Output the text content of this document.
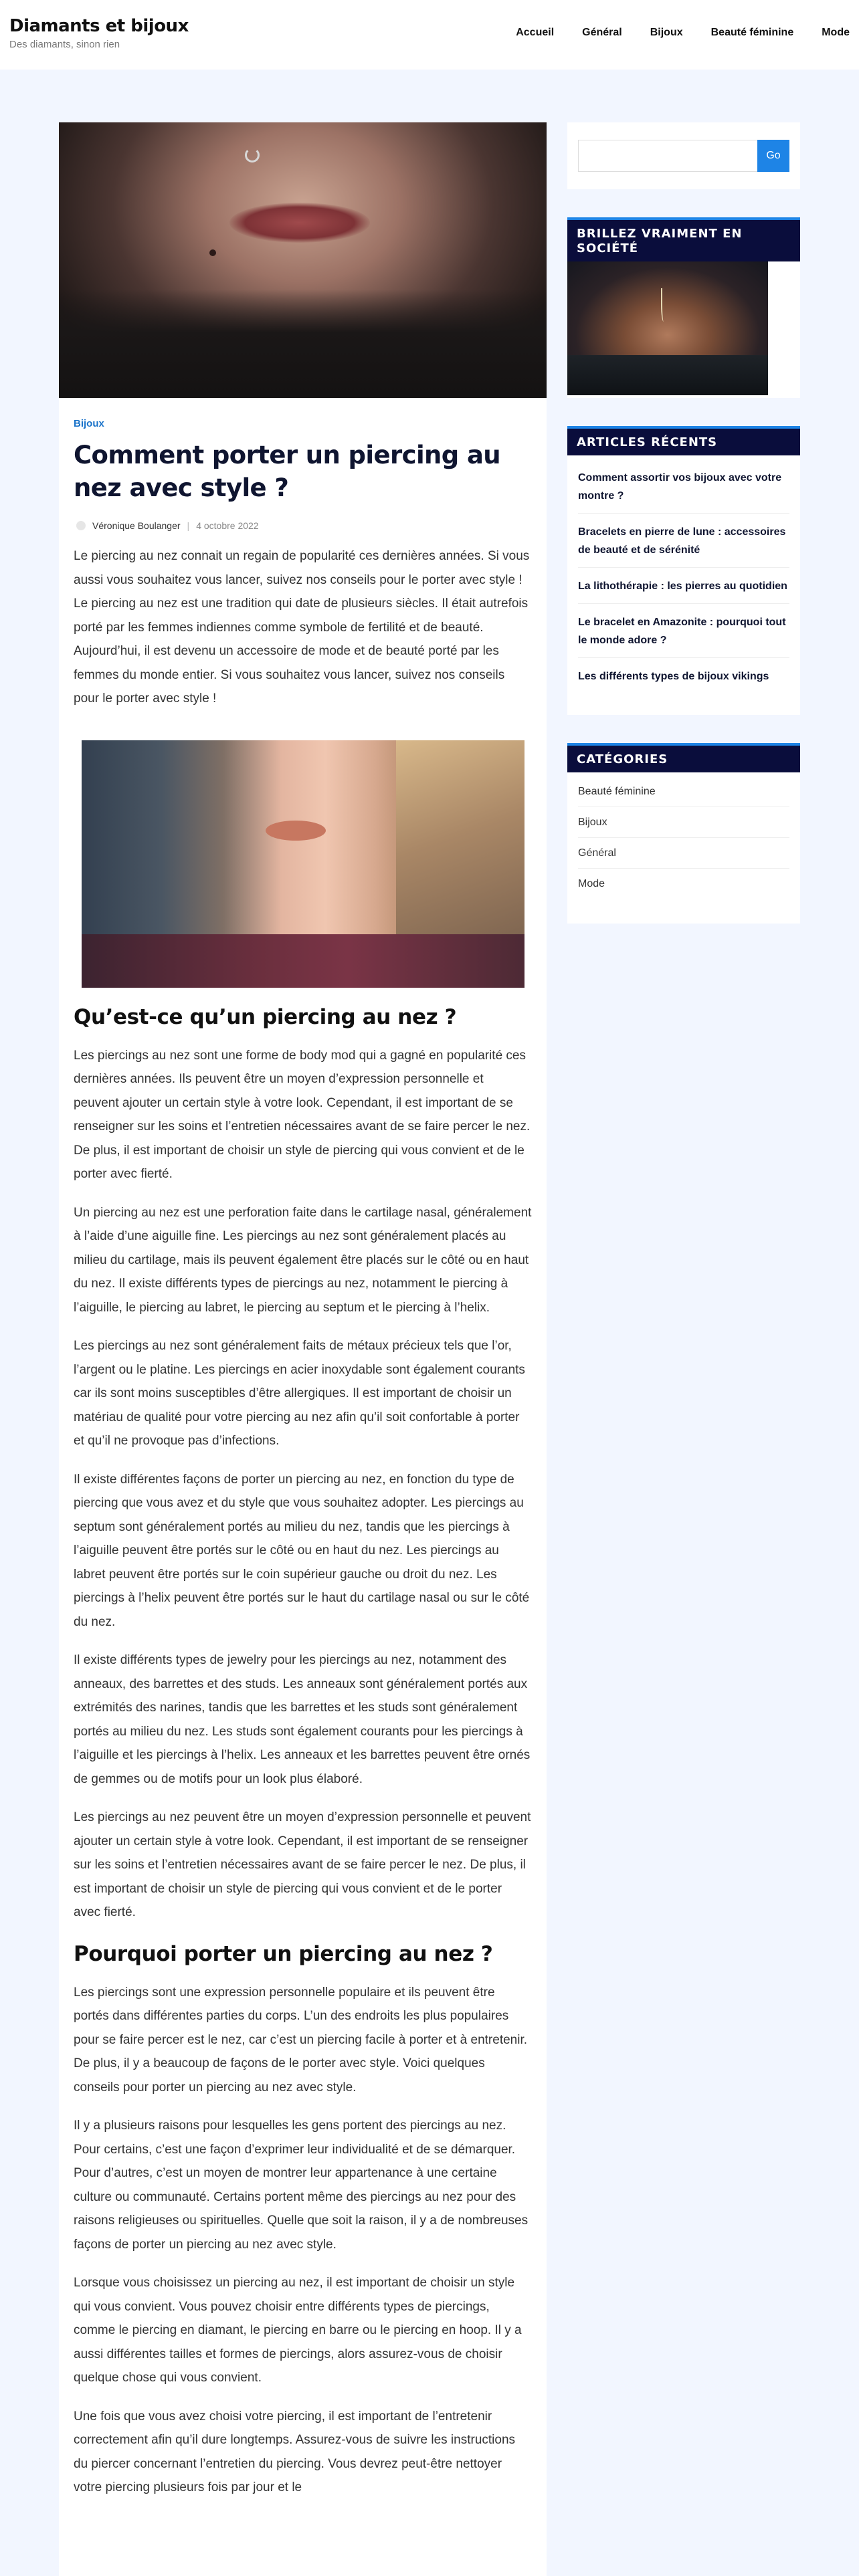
Diamants et bijoux
Des diamants, sinon rien
Accueil	Général	Bijoux	Beauté féminine	Mode
Bijoux
Comment porter un piercing au nez avec style ?
Véronique Boulanger | 4 octobre 2022

Le piercing au nez connait un regain de popularité ces dernières années. Si vous aussi vous souhaitez vous lancer, suivez nos conseils pour le porter avec style ! Le piercing au nez est une tradition qui date de plusieurs siècles. Il était autrefois porté par les femmes indiennes comme symbole de fertilité et de beauté. Aujourd’hui, il est devenu un accessoire de mode et de beauté porté par les femmes du monde entier. Si vous souhaitez vous lancer, suivez nos conseils pour le porter avec style !

Qu’est-ce qu’un piercing au nez ?

Les piercings au nez sont une forme de body mod qui a gagné en popularité ces dernières années. Ils peuvent être un moyen d’expression personnelle et peuvent ajouter un certain style à votre look. Cependant, il est important de se renseigner sur les soins et l’entretien nécessaires avant de se faire percer le nez. De plus, il est important de choisir un style de piercing qui vous convient et de le porter avec fierté.

Un piercing au nez est une perforation faite dans le cartilage nasal, généralement à l’aide d’une aiguille fine. Les piercings au nez sont généralement placés au milieu du cartilage, mais ils peuvent également être placés sur le côté ou en haut du nez. Il existe différents types de piercings au nez, notamment le piercing à l’aiguille, le piercing au labret, le piercing au septum et le piercing à l’helix.

Les piercings au nez sont généralement faits de métaux précieux tels que l’or, l’argent ou le platine. Les piercings en acier inoxydable sont également courants car ils sont moins susceptibles d’être allergiques. Il est important de choisir un matériau de qualité pour votre piercing au nez afin qu’il soit confortable à porter et qu’il ne provoque pas d’infections.

Il existe différentes façons de porter un piercing au nez, en fonction du type de piercing que vous avez et du style que vous souhaitez adopter. Les piercings au septum sont généralement portés au milieu du nez, tandis que les piercings à l’aiguille peuvent être portés sur le côté ou en haut du nez. Les piercings au labret peuvent être portés sur le coin supérieur gauche ou droit du nez. Les piercings à l’helix peuvent être portés sur le haut du cartilage nasal ou sur le côté du nez.

Il existe différents types de jewelry pour les piercings au nez, notamment des anneaux, des barrettes et des studs. Les anneaux sont généralement portés aux extrémités des narines, tandis que les barrettes et les studs sont généralement portés au milieu du nez. Les studs sont également courants pour les piercings à l’aiguille et les piercings à l’helix. Les anneaux et les barrettes peuvent être ornés de gemmes ou de motifs pour un look plus élaboré.

Les piercings au nez peuvent être un moyen d’expression personnelle et peuvent ajouter un certain style à votre look. Cependant, il est important de se renseigner sur les soins et l’entretien nécessaires avant de se faire percer le nez. De plus, il est important de choisir un style de piercing qui vous convient et de le porter avec fierté.

Pourquoi porter un piercing au nez ?

Les piercings sont une expression personnelle populaire et ils peuvent être portés dans différentes parties du corps. L’un des endroits les plus populaires pour se faire percer est le nez, car c’est un piercing facile à porter et à entretenir. De plus, il y a beaucoup de façons de le porter avec style. Voici quelques conseils pour porter un piercing au nez avec style.

Il y a plusieurs raisons pour lesquelles les gens portent des piercings au nez. Pour certains, c’est une façon d’exprimer leur individualité et de se démarquer. Pour d’autres, c’est un moyen de montrer leur appartenance à une certaine culture ou communauté. Certains portent même des piercings au nez pour des raisons religieuses ou spirituelles. Quelle que soit la raison, il y a de nombreuses façons de porter un piercing au nez avec style.

Lorsque vous choisissez un piercing au nez, il est important de choisir un style qui vous convient. Vous pouvez choisir entre différents types de piercings, comme le piercing en diamant, le piercing en barre ou le piercing en hoop. Il y a aussi différentes tailles et formes de piercings, alors assurez-vous de choisir quelque chose qui vous convient.

Une fois que vous avez choisi votre piercing, il est important de l’entretenir correctement afin qu’il dure longtemps. Assurez-vous de suivre les instructions du piercer concernant l’entretien du piercing. Vous devrez peut-être nettoyer votre piercing plusieurs fois par jour et le

Go
BRILLEZ VRAIMENT EN SOCIÉTÉ
ARTICLES RÉCENTS
Comment assortir vos bijoux avec votre montre ?
Bracelets en pierre de lune : accessoires de beauté et de sérénité
La lithothérapie : les pierres au quotidien
Le bracelet en Amazonite : pourquoi tout le monde adore ?
Les différents types de bijoux vikings
CATÉGORIES
Beauté féminine
Bijoux
Général
Mode
